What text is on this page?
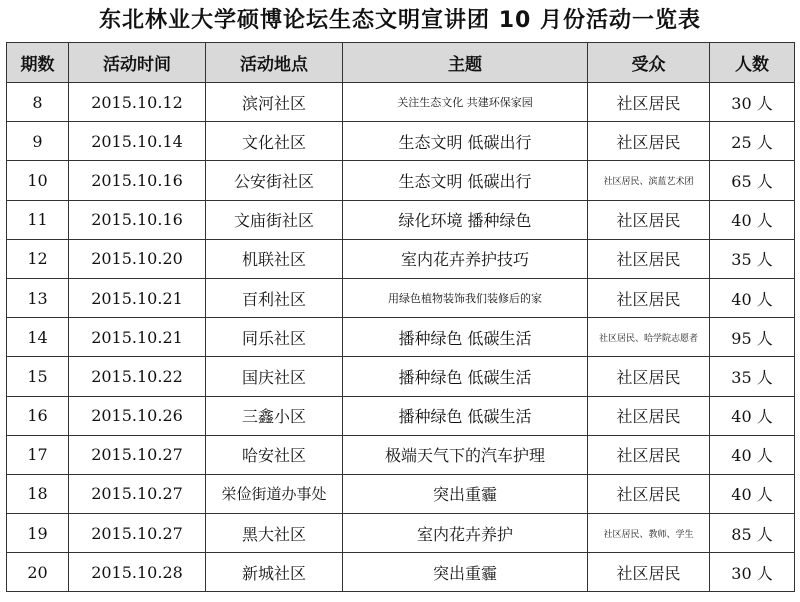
东北林业大学硕博论坛生态文明宣讲团 10 月份活动一览表
期数	活动时间	活动地点	主题	受众	人数
8	2015.10.12	滨河社区	关注生态文化 共建环保家园	社区居民	30 人
9	2015.10.14	文化社区	生态文明 低碳出行	社区居民	25 人
10	2015.10.16	公安街社区	生态文明 低碳出行	社区居民、滨蓝艺术团	65 人
11	2015.10.16	文庙街社区	绿化环境 播种绿色	社区居民	40 人
12	2015.10.20	机联社区	室内花卉养护技巧	社区居民	35 人
13	2015.10.21	百利社区	用绿色植物装饰我们装修后的家	社区居民	40 人
14	2015.10.21	同乐社区	播种绿色 低碳生活	社区居民、哈学院志愿者	95 人
15	2015.10.22	国庆社区	播种绿色 低碳生活	社区居民	35 人
16	2015.10.26	三鑫小区	播种绿色 低碳生活	社区居民	40 人
17	2015.10.27	哈安社区	极端天气下的汽车护理	社区居民	40 人
18	2015.10.27	栄俭街道办事处	突出重霾	社区居民	40 人
19	2015.10.27	黑大社区	室内花卉养护	社区居民、教师、学生	85 人
20	2015.10.28	新城社区	突出重霾	社区居民	30 人
